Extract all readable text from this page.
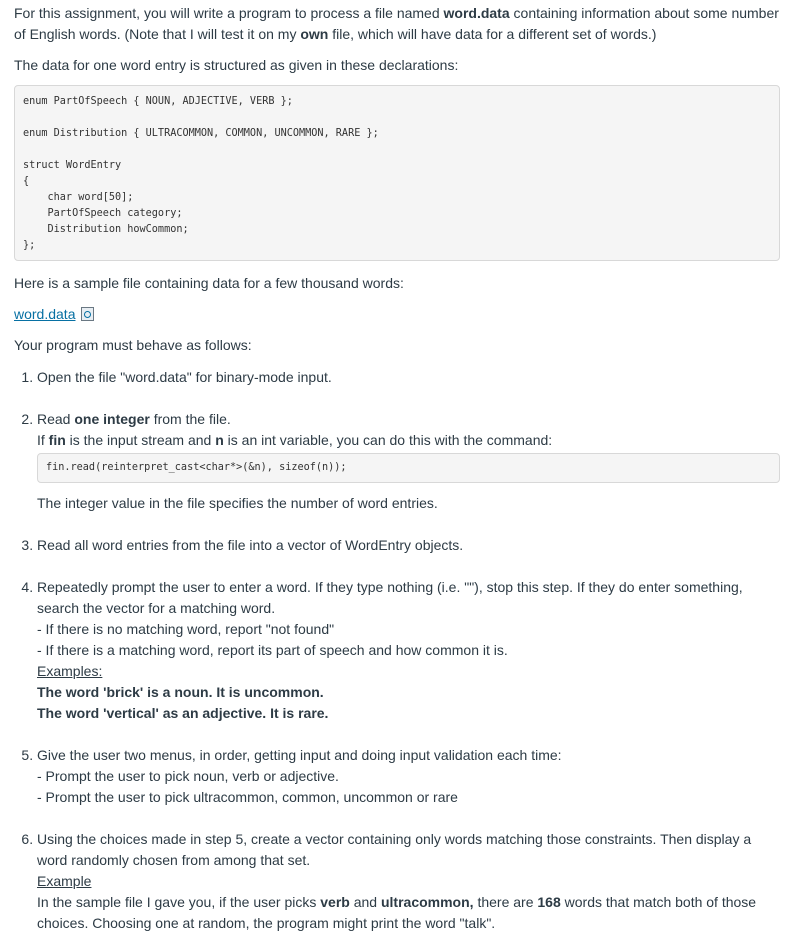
For this assignment, you will write a program to process a file named word.data containing information about some number of English words. (Note that I will test it on my own file, which will have data for a different set of words.)

The data for one word entry is structured as given in these declarations:

enum PartOfSpeech { NOUN, ADJECTIVE, VERB };
enum Distribution { ULTRACOMMON, COMMON, UNCOMMON, RARE };
struct WordEntry
{
char word[50];
PartOfSpeech category;
Distribution howCommon;
};

Here is a sample file containing data for a few thousand words:

word.data

Your program must behave as follows:

1. Open the file "word.data" for binary-mode input.
2. Read one integer from the file.
If fin is the input stream and n is an int variable, you can do this with the command:
fin.read(reinterpret_cast<char*>(&n), sizeof(n));
The integer value in the file specifies the number of word entries.
3. Read all word entries from the file into a vector of WordEntry objects.
4. Repeatedly prompt the user to enter a word. If they type nothing (i.e. ""), stop this step. If they do enter something, search the vector for a matching word.
- If there is no matching word, report "not found"
- If there is a matching word, report its part of speech and how common it is.
Examples:
The word 'brick' is a noun. It is uncommon.
The word 'vertical' as an adjective. It is rare.
5. Give the user two menus, in order, getting input and doing input validation each time:
- Prompt the user to pick noun, verb or adjective.
- Prompt the user to pick ultracommon, common, uncommon or rare
6. Using the choices made in step 5, create a vector containing only words matching those constraints. Then display a word randomly chosen from among that set.
Example
In the sample file I gave you, if the user picks verb and ultracommon, there are 168 words that match both of those choices. Choosing one at random, the program might print the word "talk".
